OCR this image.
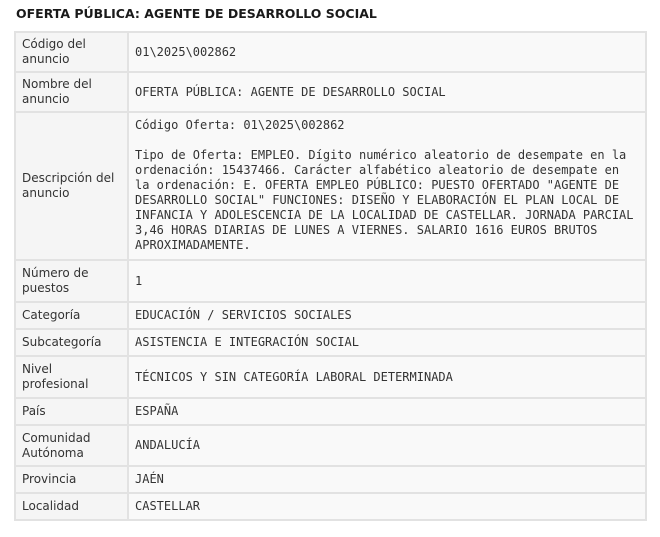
OFERTA PÚBLICA: AGENTE DE DESARROLLO SOCIAL
Código del anuncio	01\2025\002862
Nombre del anuncio	OFERTA PÚBLICA: AGENTE DE DESARROLLO SOCIAL
Descripción del anuncio	Código Oferta: 01\2025\002862

Tipo de Oferta: EMPLEO. Dígito numérico aleatorio de desempate en la ordenación: 15437466. Carácter alfabético aleatorio de desempate en la ordenación: E. OFERTA EMPLEO PÚBLICO: PUESTO OFERTADO "AGENTE DE DESARROLLO SOCIAL" FUNCIONES: DISEÑO Y ELABORACIÓN EL PLAN LOCAL DE INFANCIA Y ADOLESCENCIA DE LA LOCALIDAD DE CASTELLAR. JORNADA PARCIAL 3,46 HORAS DIARIAS DE LUNES A VIERNES. SALARIO 1616 EUROS BRUTOS APROXIMADAMENTE.

Número de puestos	1
Categoría	EDUCACIÓN / SERVICIOS SOCIALES
Subcategoría	ASISTENCIA E INTEGRACIÓN SOCIAL
Nivel profesional	TÉCNICOS Y SIN CATEGORÍA LABORAL DETERMINADA
País	ESPAÑA
Comunidad Autónoma	ANDALUCÍA
Provincia	JAÉN
Localidad	CASTELLAR
